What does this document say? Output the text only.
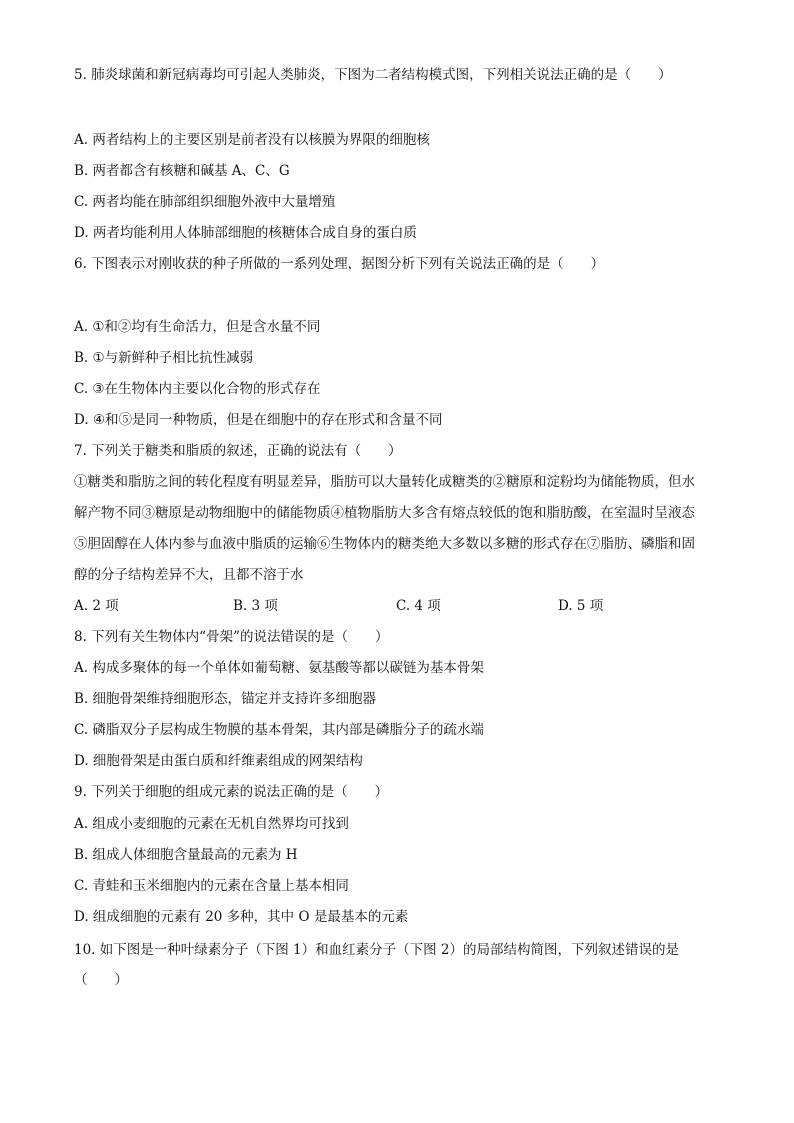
5. 肺炎球菌和新冠病毒均可引起人类肺炎，下图为二者结构模式图，下列相关说法正确的是（　　）
A. 两者结构上的主要区别是前者没有以核膜为界限的细胞核
B. 两者都含有核糖和碱基 A、C、G
C. 两者均能在肺部组织细胞外液中大量增殖
D. 两者均能利用人体肺部细胞的核糖体合成自身的蛋白质
6. 下图表示对刚收获的种子所做的一系列处理，据图分析下列有关说法正确的是（　　）
A. ①和②均有生命活力，但是含水量不同
B. ①与新鲜种子相比抗性减弱
C. ③在生物体内主要以化合物的形式存在
D. ④和⑤是同一种物质，但是在细胞中的存在形式和含量不同
7. 下列关于糖类和脂质的叙述，正确的说法有（　　）
①糖类和脂肪之间的转化程度有明显差异，脂肪可以大量转化成糖类的②糖原和淀粉均为储能物质，但水
解产物不同③糖原是动物细胞中的储能物质④植物脂肪大多含有熔点较低的饱和脂肪酸，在室温时呈液态
⑤胆固醇在人体内参与血液中脂质的运输⑥生物体内的糖类绝大多数以多糖的形式存在⑦脂肪、磷脂和固
醇的分子结构差异不大，且都不溶于水
A. 2 项	B. 3 项	C. 4 项	D. 5 项
8. 下列有关生物体内“骨架”的说法错误的是（　　）
A. 构成多聚体的每一个单体如葡萄糖、氨基酸等都以碳链为基本骨架
B. 细胞骨架维持细胞形态，锚定并支持许多细胞器
C. 磷脂双分子层构成生物膜的基本骨架，其内部是磷脂分子的疏水端
D. 细胞骨架是由蛋白质和纤维素组成的网架结构
9. 下列关于细胞的组成元素的说法正确的是（　　）
A. 组成小麦细胞的元素在无机自然界均可找到
B. 组成人体细胞含量最高的元素为 H
C. 青蛙和玉米细胞内的元素在含量上基本相同
D. 组成细胞的元素有 20 多种，其中 O 是最基本的元素
10. 如下图是一种叶绿素分子（下图 1）和血红素分子（下图 2）的局部结构简图，下列叙述错误的是
（　　）
